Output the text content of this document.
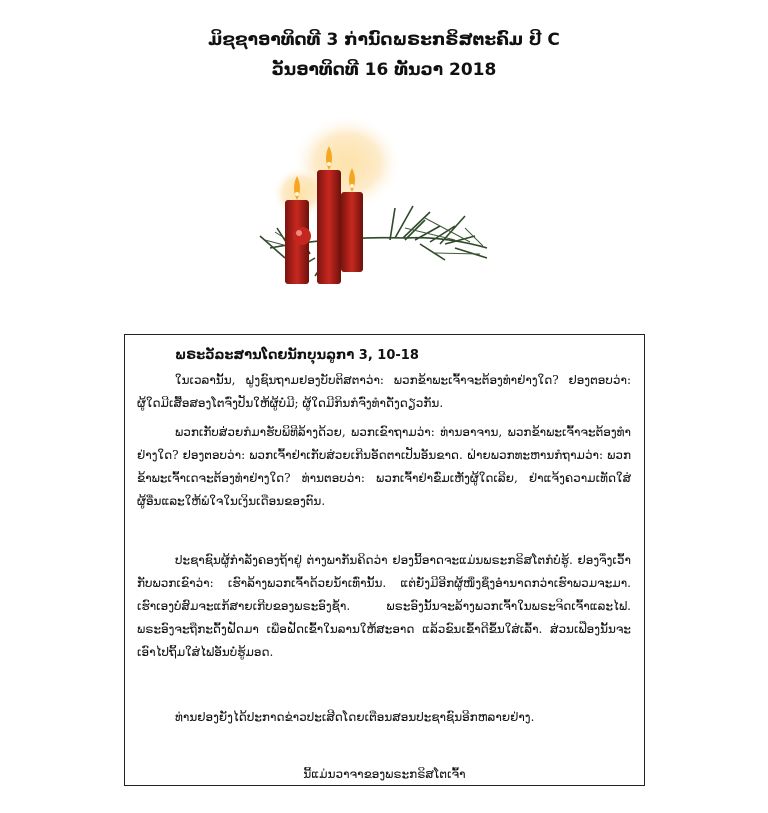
ມິຊຊາອາທິດທີ 3 ກ່ານົດພຣະກຣິສຕະຄົມ ປີ C
ວັນອາທິດທີ 16 ທັນວາ 2018
ພຣະວັລະສານໂດຍນັກບຸນລູກາ 3, 10-18

ໃນເວລານັ້ນ, ຝູງຊົນຖາມຢອງບັບຕິສຕາວ່າ: ພວກຂ້າພະເຈົ້າຈະຕ້ອງທຳຢ່າງໃດ? ຢອງຕອບວ່າ: ຜູ້ໃດມີເສື້ອສອງໂຕຈົ່ງປັນໃຫ້ຜູ້ບໍ່ມີ; ຜູ້ໃດມີກິນກໍຈົ່ງທຳດັ່ງດຽວກັນ.

ພວກເກັບສ່ວຍກໍມາຮັບພິທີລ້າງດ້ວຍ, ພວກເຂົາຖາມວ່າ: ທ່ານອາຈານ, ພວກຂ້າພະເຈົ້າຈະຕ້ອງທຳຢ່າງໃດ? ຢອງຕອບວ່າ: ພວກເຈົ້າຢ່າເກັບສ່ວຍເກີນອັດຕາເປັນອັນຂາດ. ຝ່າຍພວກທະຫານກໍຖາມວ່າ: ພວກຂ້າພະເຈົ້າເດຈະຕ້ອງທຳຢ່າງໃດ? ທ່ານຕອບວ່າ: ພວກເຈົ້າຢ່າຂົ່ມເຫັງຜູ້ໃດເລີຍ, ຢ່າແຈ້ງຄວາມເທັດໃສ່ຜູ້ອື່ນແລະໃຫ້ພໍໃຈໃນເງິນເດືອນຂອງຕົນ.

ປະຊາຊົນຜູ້ກຳລັງຄອງຖ້າຢູ່ ຕ່າງພາກັນຄິດວ່າ ຢອງນີ້ອາດຈະແມ່ນພຣະກຣິສໂຕກໍບໍ່ຮູ້. ຢອງຈຶ່ງເວົ້າກັບພວກເຂົາວ່າ: ເຮົາລ້າງພວກເຈົ້າດ້ວຍນ້ຳເທົ່ານັ້ນ. ແຕ່ຍັງມີອີກຜູ້ໜຶ່ງຊຶ່ງອຳນາດກວ່າເຮົາພວມຈະມາ. ເຮົາເອງບໍ່ສົມຈະແກ້ສາຍເກີບຂອງພຣະອົງຊ້ຳ. ພຣະອົງນັ້ນຈະລ້າງພວກເຈົ້າໃນພຣະຈິດເຈົ້າແລະໄຟ. ພຣະອົງຈະຖືກະດົ້ງຝັດມາ ເພື່ອຝັດເຂົ້າໃນລານໃຫ້ສະອາດ ແລ້ວຂົນເຂົ້າດີຂຶ້ນໃສ່ເລົ້າ. ສ່ວນເຟືອງນັ້ນຈະເອົາໄປຖິ້ມໃສ່ໄຟອັນບໍ່ຮູ້ມອດ.

ທ່ານຢອງຍັງໄດ້ປະກາດຂ່າວປະເສີດໂດຍເຕືອນສອນປະຊາຊົນອີກຫລາຍຢ່າງ.

ນີ້ແມ່ນວາຈາຂອງພຣະກຣິສໂຕເຈົ້າ
